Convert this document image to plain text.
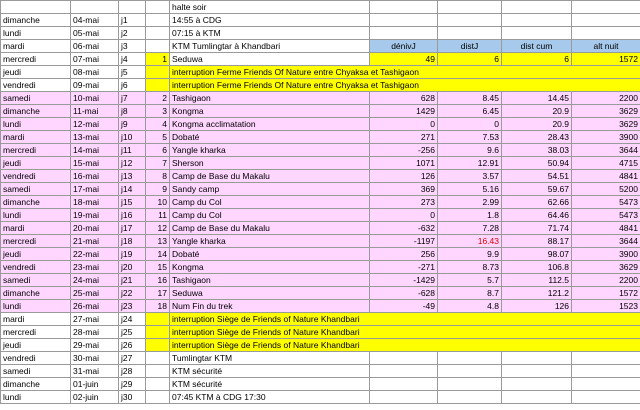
				halte soir				
dimanche	04-mai	j1		14:55 à CDG				
lundi	05-mai	j2		07:15 à KTM				
mardi	06-mai	j3		KTM Tumlingtar à Khandbari	dénivJ	distJ	dist cum	alt nuit
mercredi	07-mai	j4	1	Seduwa	49	6	6	1572
jeudi	08-mai	j5		interruption Ferme Friends Of Nature entre Chyaksa et Tashigaon				
vendredi	09-mai	j6		interruption Ferme Friends Of Nature entre Chyaksa et Tashigaon				
samedi	10-mai	j7	2	Tashigaon	628	8.45	14.45	2200
dimanche	11-mai	j8	3	Kongma	1429	6.45	20.9	3629
lundi	12-mai	j9	4	Kongma acclimatation	0	0	20.9	3629
mardi	13-mai	j10	5	Dobaté	271	7.53	28.43	3900
mercredi	14-mai	j11	6	Yangle kharka	-256	9.6	38.03	3644
jeudi	15-mai	j12	7	Sherson	1071	12.91	50.94	4715
vendredi	16-mai	j13	8	Camp de Base du Makalu	126	3.57	54.51	4841
samedi	17-mai	j14	9	Sandy camp	369	5.16	59.67	5200
dimanche	18-mai	j15	10	Camp du Col	273	2.99	62.66	5473
lundi	19-mai	j16	11	Camp du Col	0	1.8	64.46	5473
mardi	20-mai	j17	12	Camp de Base du Makalu	-632	7.28	71.74	4841
mercredi	21-mai	j18	13	Yangle kharka	-1197	16.43	88.17	3644
jeudi	22-mai	j19	14	Dobaté	256	9.9	98.07	3900
vendredi	23-mai	j20	15	Kongma	-271	8.73	106.8	3629
samedi	24-mai	j21	16	Tashigaon	-1429	5.7	112.5	2200
dimanche	25-mai	j22	17	Seduwa	-628	8.7	121.2	1572
lundi	26-mai	j23	18	Num Fin du trek	-49	4.8	126	1523
mardi	27-mai	j24		interruption Siège de Friends of Nature Khandbari				
mercredi	28-mai	j25		interruption Siège de Friends of Nature Khandbari				
jeudi	29-mai	j26		interruption Siège de Friends of Nature Khandbari				
vendredi	30-mai	j27		Tumlingtar KTM				
samedi	31-mai	j28		KTM sécurité				
dimanche	01-juin	j29		KTM sécurité				
lundi	02-juin	j30		07:45 KTM à CDG 17:30				
